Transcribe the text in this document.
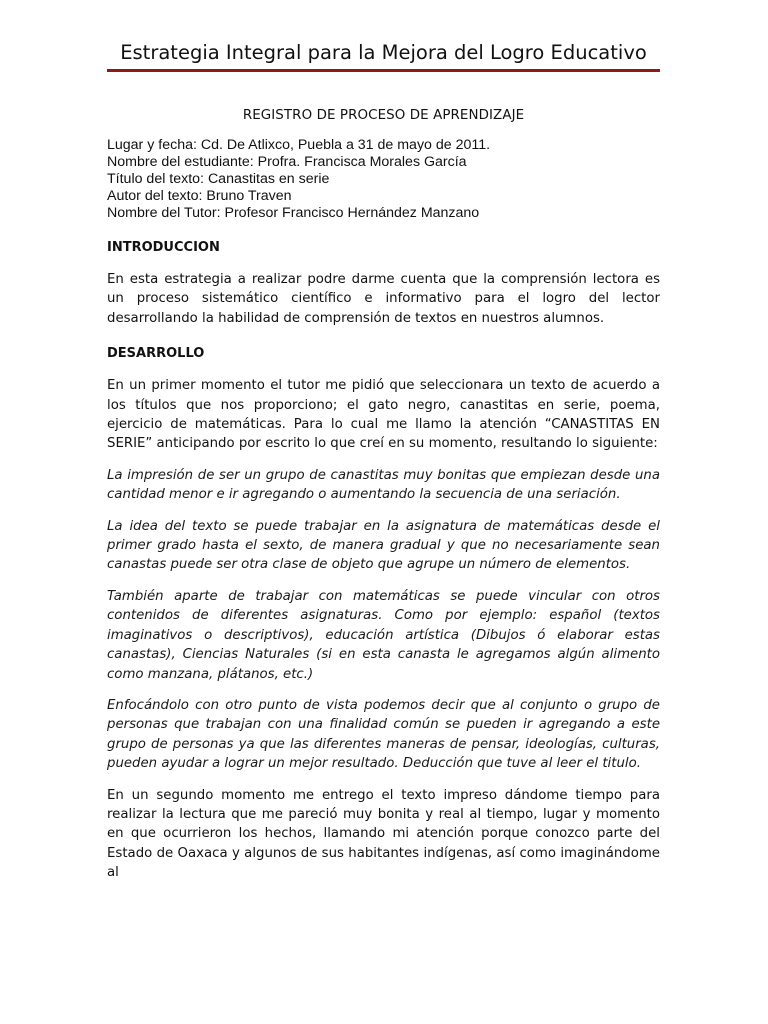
Estrategia Integral para la Mejora del Logro Educativo
REGISTRO DE PROCESO DE APRENDIZAJE
Lugar y fecha: Cd. De Atlixco, Puebla a 31 de mayo de 2011.
Nombre del estudiante: Profra. Francisca Morales García
Título del texto: Canastitas en serie
Autor del texto: Bruno Traven
Nombre del Tutor: Profesor Francisco Hernández Manzano
INTRODUCCION

En esta estrategia a realizar podre darme cuenta que la comprensión lectora es un proceso sistemático científico e informativo para el logro del lector desarrollando la habilidad de comprensión de textos en nuestros alumnos.

DESARROLLO

En un primer momento el tutor me pidió que seleccionara un texto de acuerdo a los títulos que nos proporciono; el gato negro, canastitas en serie, poema, ejercicio de matemáticas. Para lo cual me llamo la atención “CANASTITAS EN SERIE” anticipando por escrito lo que creí en su momento, resultando lo siguiente:

La impresión de ser un grupo de canastitas muy bonitas que empiezan desde una cantidad menor e ir agregando o aumentando la secuencia de una seriación.

La idea del texto se puede trabajar en la asignatura de matemáticas desde el primer grado hasta el sexto, de manera gradual y que no necesariamente sean canastas puede ser otra clase de objeto que agrupe un número de elementos.

También aparte de trabajar con matemáticas se puede vincular con otros contenidos de diferentes asignaturas. Como por ejemplo: español (textos imaginativos o descriptivos), educación artística (Dibujos ó elaborar estas canastas), Ciencias Naturales (si en esta canasta le agregamos algún alimento como manzana, plátanos, etc.)

Enfocándolo con otro punto de vista podemos decir que al conjunto o grupo de personas que trabajan con una finalidad común se pueden ir agregando a este grupo de personas ya que las diferentes maneras de pensar, ideologías, culturas, pueden ayudar a lograr un mejor resultado. Deducción que tuve al leer el titulo.

En un segundo momento me entrego el texto impreso dándome tiempo para realizar la lectura que me pareció muy bonita y real al tiempo, lugar y momento en que ocurrieron los hechos, llamando mi atención porque conozco parte del Estado de Oaxaca y algunos de sus habitantes indígenas, así como imaginándome al
